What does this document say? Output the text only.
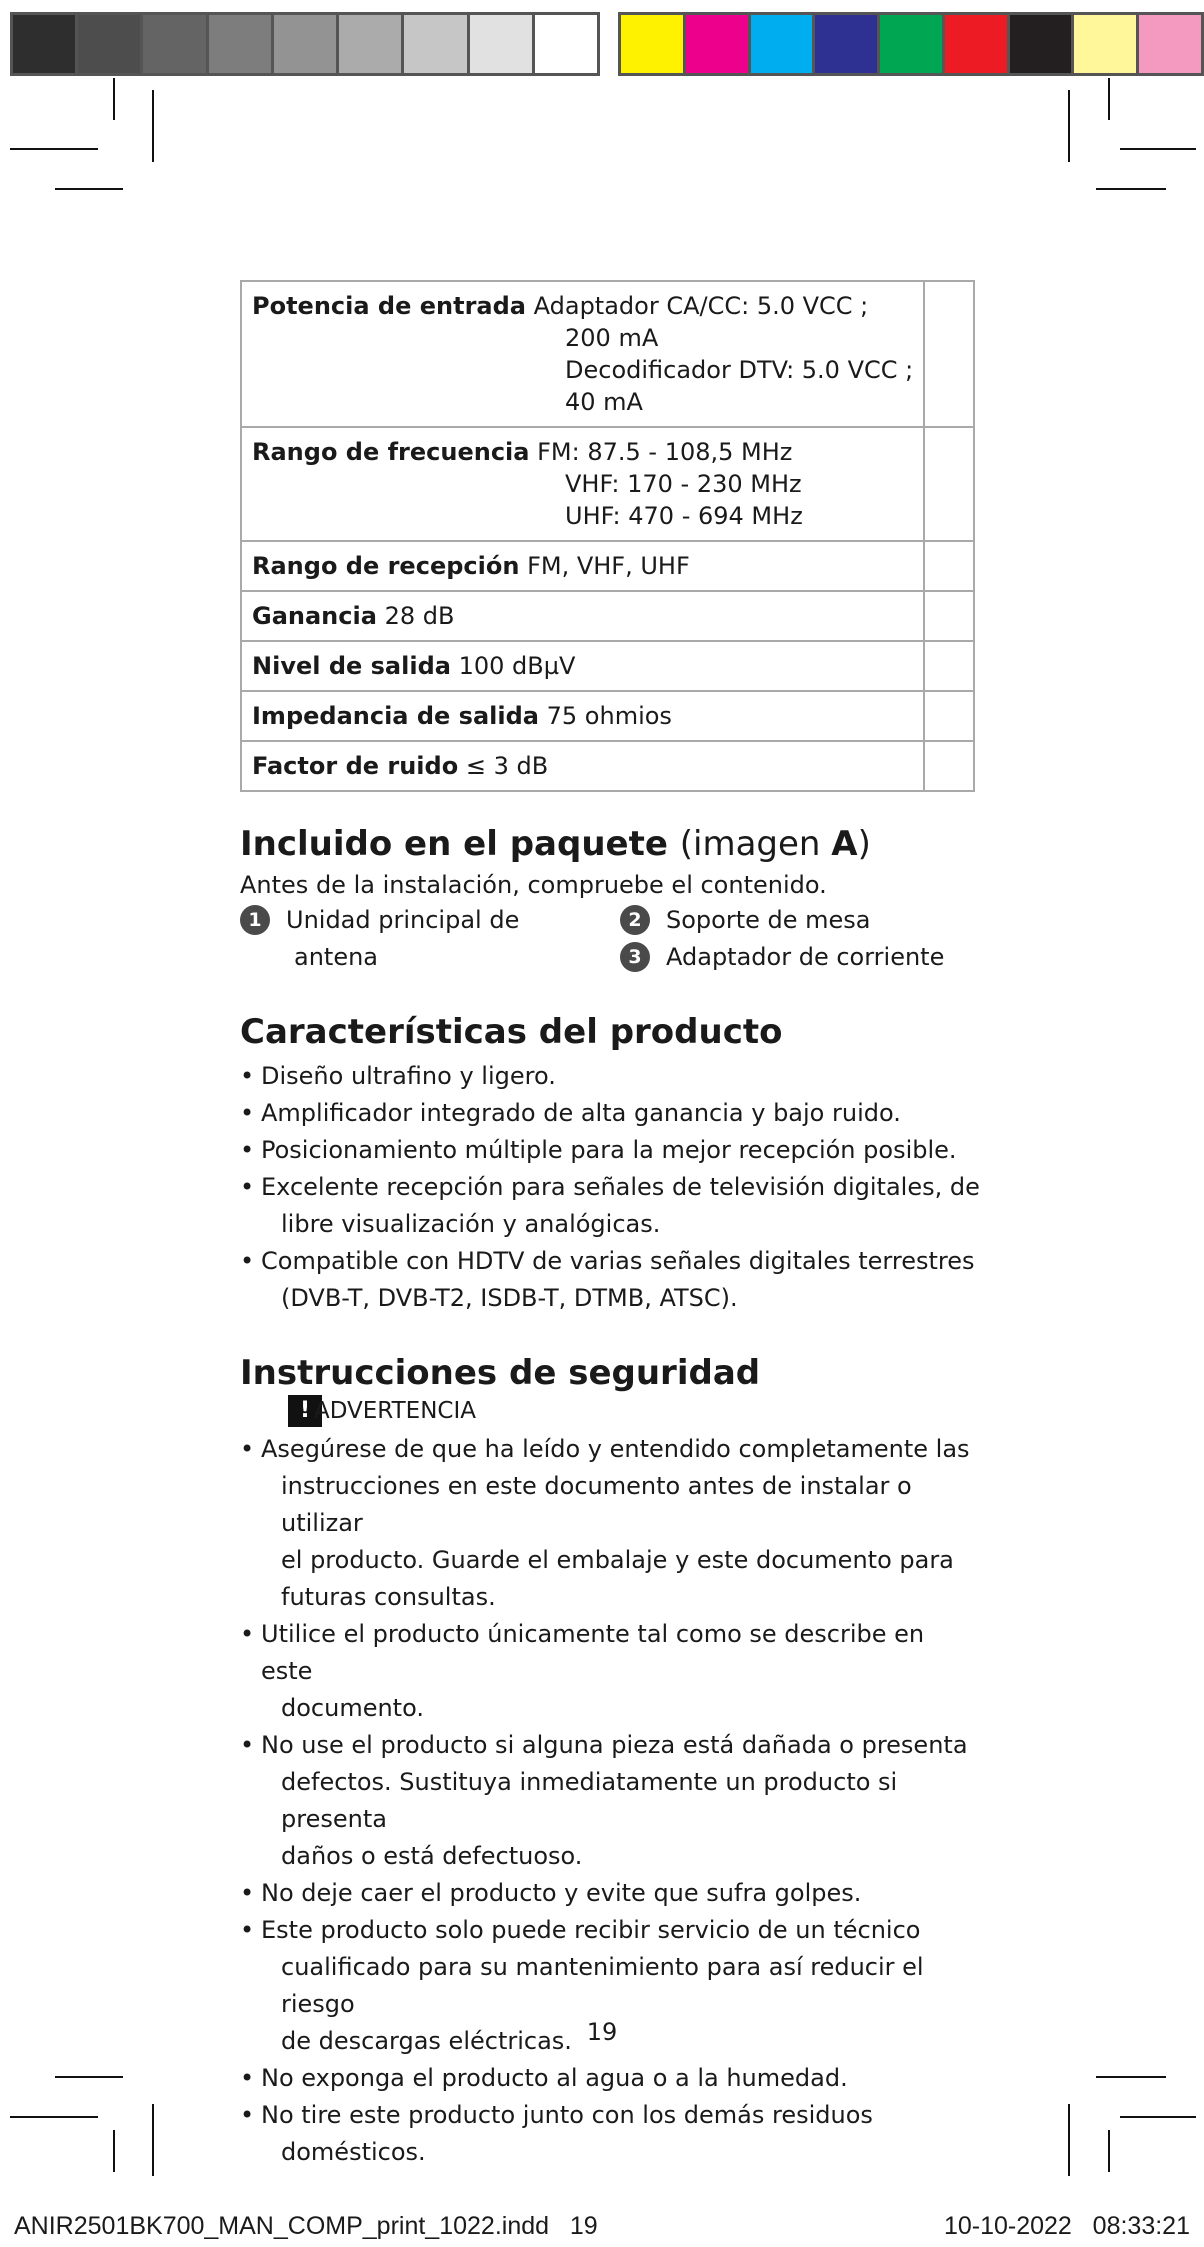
Potencia de entrada Adaptador CA/CC: 5.0 VCC ;
200 mA
Decodificador DTV: 5.0 VCC ;
40 mA	

Rango de frecuencia FM: 87.5 - 108,5 MHz
VHF: 170 - 230 MHz
UHF: 470 - 694 MHz	

Rango de recepción FM, VHF, UHF	

Ganancia 28 dB	

Nivel de salida 100 dBµV	

Impedancia de salida 75 ohmios	

Factor de ruido ≤ 3 dB	

Incluido en el paquete (imagen A)

Antes de la instalación, compruebe el contenido.

1	Unidad principal de
antena
2	Soporte de mesa
3	Adaptador de corriente
Características del producto
• Diseño ultrafino y ligero.
• Amplificador integrado de alta ganancia y bajo ruido.
• Posicionamiento múltiple para la mejor recepción posible.
• Excelente recepción para señales de televisión digitales, de
libre visualización y analógicas.
• Compatible con HDTV de varias señales digitales terrestres
(DVB-T, DVB-T2, ISDB-T, DTMB, ATSC).
Instrucciones de seguridad
! ADVERTENCIA
• Asegúrese de que ha leído y entendido completamente las
instrucciones en este documento antes de instalar o utilizar
el producto. Guarde el embalaje y este documento para
futuras consultas.
• Utilice el producto únicamente tal como se describe en este
documento.
• No use el producto si alguna pieza está dañada o presenta
defectos. Sustituya inmediatamente un producto si presenta
daños o está defectuoso.
• No deje caer el producto y evite que sufra golpes.
• Este producto solo puede recibir servicio de un técnico
cualificado para su mantenimiento para así reducir el riesgo
de descargas eléctricas.
• No exponga el producto al agua o a la humedad.
• No tire este producto junto con los demás residuos
domésticos.
19
ANIR2501BK700_MAN_COMP_print_1022.indd   19	10-10-2022   08:33:21
